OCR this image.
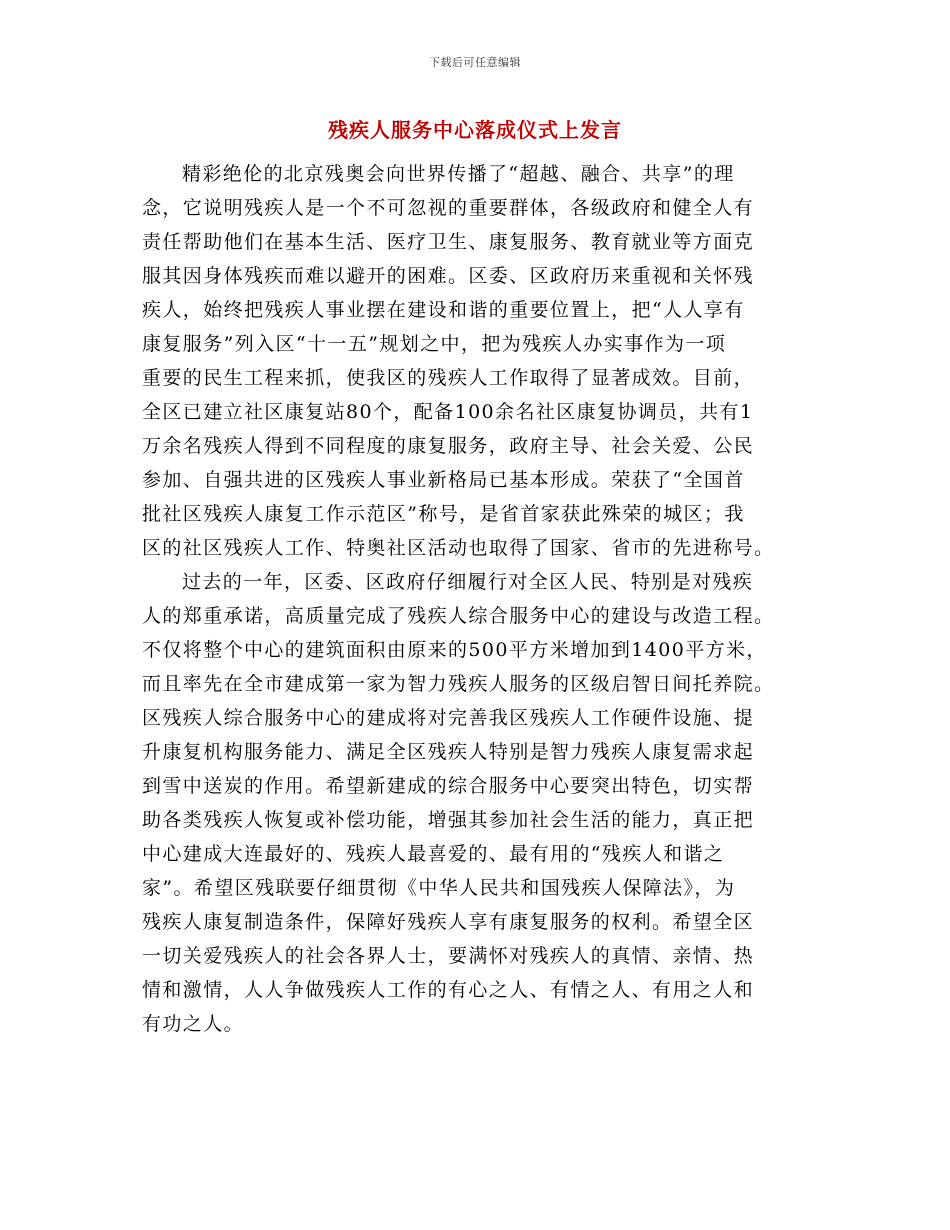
下载后可任意编辑
残疾人服务中心落成仪式上发言
精彩绝伦的北京残奥会向世界传播了“超越、融合、共享”的理
念，它说明残疾人是一个不可忽视的重要群体，各级政府和健全人有
责任帮助他们在基本生活、医疗卫生、康复服务、教育就业等方面克
服其因身体残疾而难以避开的困难。区委、区政府历来重视和关怀残
疾人，始终把残疾人事业摆在建设和谐的重要位置上，把“人人享有
康复服务”列入区“十一五”规划之中，把为残疾人办实事作为一项
重要的民生工程来抓，使我区的残疾人工作取得了显著成效。目前，
全区已建立社区康复站80个，配备100余名社区康复协调员，共有1
万余名残疾人得到不同程度的康复服务，政府主导、社会关爱、公民
参加、自强共进的区残疾人事业新格局已基本形成。荣获了“全国首
批社区残疾人康复工作示范区”称号，是省首家获此殊荣的城区；我
区的社区残疾人工作、特奥社区活动也取得了国家、省市的先进称号。
过去的一年，区委、区政府仔细履行对全区人民、特别是对残疾
人的郑重承诺，高质量完成了残疾人综合服务中心的建设与改造工程。
不仅将整个中心的建筑面积由原来的500平方米增加到1400平方米，
而且率先在全市建成第一家为智力残疾人服务的区级启智日间托养院。
区残疾人综合服务中心的建成将对完善我区残疾人工作硬件设施、提
升康复机构服务能力、满足全区残疾人特别是智力残疾人康复需求起
到雪中送炭的作用。希望新建成的综合服务中心要突出特色，切实帮
助各类残疾人恢复或补偿功能，增强其参加社会生活的能力，真正把
中心建成大连最好的、残疾人最喜爱的、最有用的“残疾人和谐之
家”。希望区残联要仔细贯彻《中华人民共和国残疾人保障法》，为
残疾人康复制造条件，保障好残疾人享有康复服务的权利。希望全区
一切关爱残疾人的社会各界人士，要满怀对残疾人的真情、亲情、热
情和激情，人人争做残疾人工作的有心之人、有情之人、有用之人和
有功之人。
